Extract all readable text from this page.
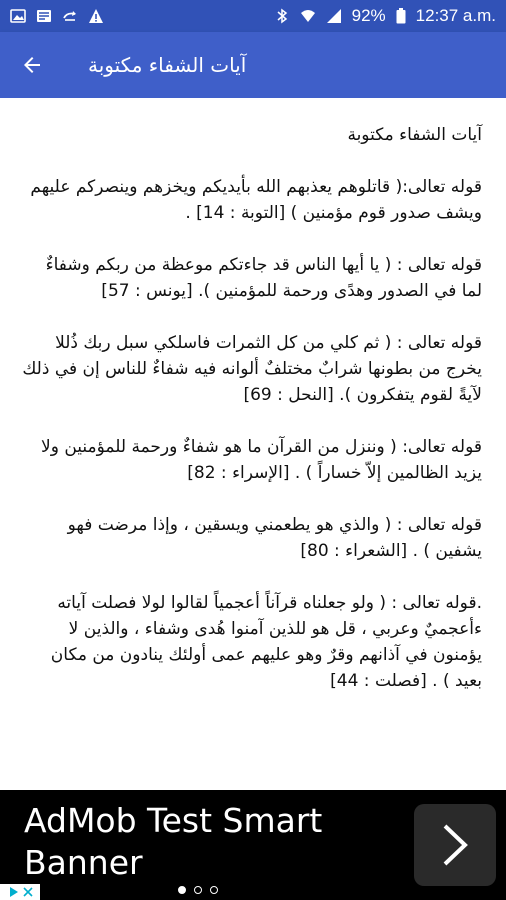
92% 12:37 a.m.
آيات الشفاء مكتوبة

آيات الشفاء مكتوبة

قوله تعالى:( قاتلوهم يعذبهم الله بأيديكم ويخزهم وينصركم عليهم ويشف صدور قوم مؤمنين ) [التوبة : 14] .

قوله تعالى : ( يا أيها الناس قد جاءتكم موعظة من ربكم وشفاءٌ لما في الصدور وهدًى ورحمة للمؤمنين ). [يونس : 57]

قوله تعالى : ( ثم كلي من كل الثمرات فاسلكي سبل ربك ذُللا يخرج من بطونها شرابٌ مختلفٌ ألوانه فيه شفاءٌ للناس إن في ذلك لآيةً لقوم يتفكرون ). [النحل : 69]

قوله تعالى: ( وننزل من القرآن ما هو شفاءٌ ورحمة للمؤمنين ولا يزيد الظالمين إلاّ خساراً ) . [الإسراء : 82]

قوله تعالى : ( والذي هو يطعمني ويسقين ، وإذا مرضت فهو يشفين ) . [الشعراء : 80]

.قوله تعالى : ( ولو جعلناه قرآناً أعجمياً لقالوا لولا فصلت آياته ءأعجميٌ وعربي ، قل هو للذين آمنوا هُدى وشفاء ، والذين لا يؤمنون في آذانهم وقرٌ وهو عليهم عمى أولئك ينادون من مكان بعيد ) . [فصلت : 44]

AdMob Test Smart Banner
